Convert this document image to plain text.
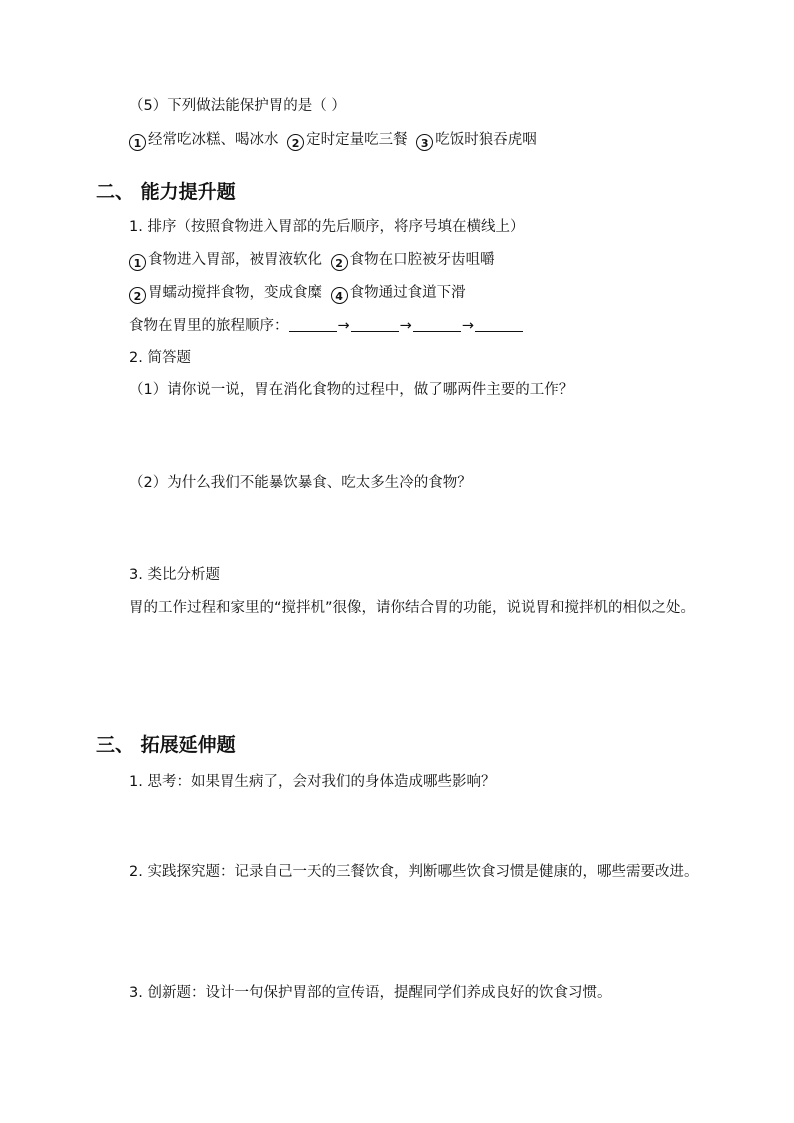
（5）下列做法能保护胃的是（ ）
1 经常吃冰糕、喝冰水 2 定时定量吃三餐 3 吃饭时狼吞虎咽
二、 能力提升题
1. 排序（按照食物进入胃部的先后顺序，将序号填在横线上）
1 食物进入胃部，被胃液软化 2 食物在口腔被牙齿咀嚼
2 胃蠕动搅拌食物，变成食糜 4 食物通过食道下滑
食物在胃里的旅程顺序：	→	→	→
2. 简答题
（1）请你说一说，胃在消化食物的过程中，做了哪两件主要的工作？
（2）为什么我们不能暴饮暴食、吃太多生冷的食物？
3. 类比分析题
胃的工作过程和家里的“搅拌机”很像，请你结合胃的功能，说说胃和搅拌机的相似之处。
三、 拓展延伸题
1. 思考：如果胃生病了，会对我们的身体造成哪些影响？
2. 实践探究题：记录自己一天的三餐饮食，判断哪些饮食习惯是健康的，哪些需要改进。
3. 创新题：设计一句保护胃部的宣传语，提醒同学们养成良好的饮食习惯。
